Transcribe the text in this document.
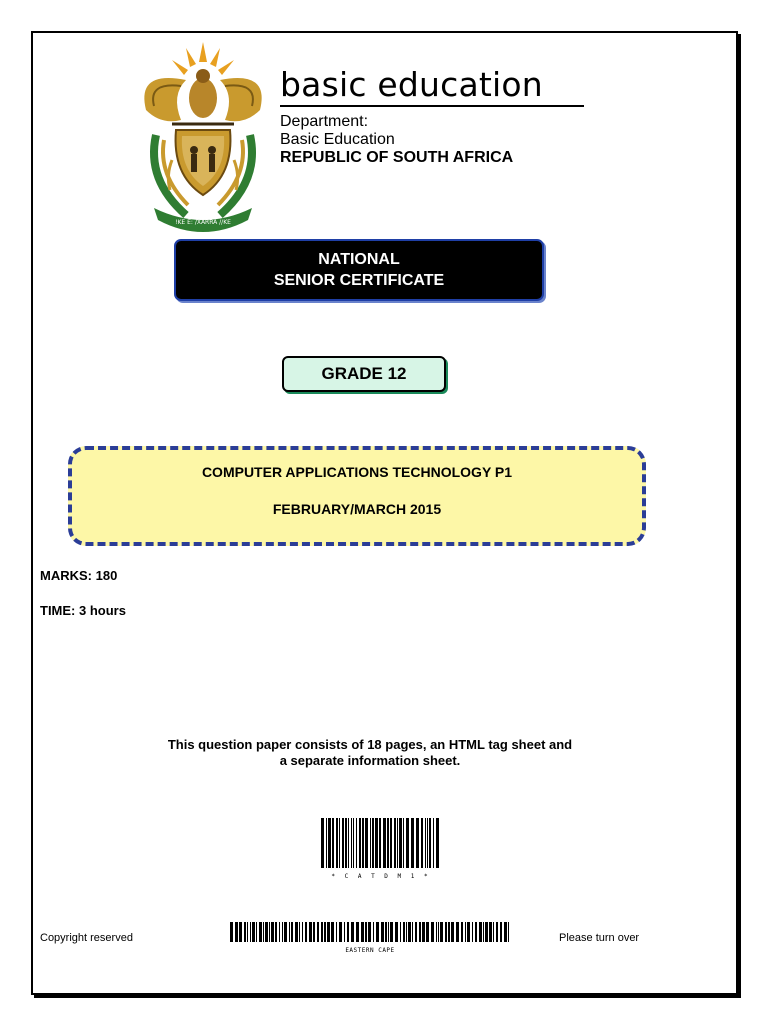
!KE E: /XARRA //KE
basic education
Department:
Basic Education
REPUBLIC OF SOUTH AFRICA
NATIONAL
SENIOR CERTIFICATE
GRADE 12
COMPUTER APPLICATIONS TECHNOLOGY P1
FEBRUARY/MARCH 2015
MARKS: 180
TIME: 3 hours
This question paper consists of 18 pages, an HTML tag sheet and
a separate information sheet.
* C A T D M 1 *
Copyright reserved
EASTERN CAPE
Please turn over
